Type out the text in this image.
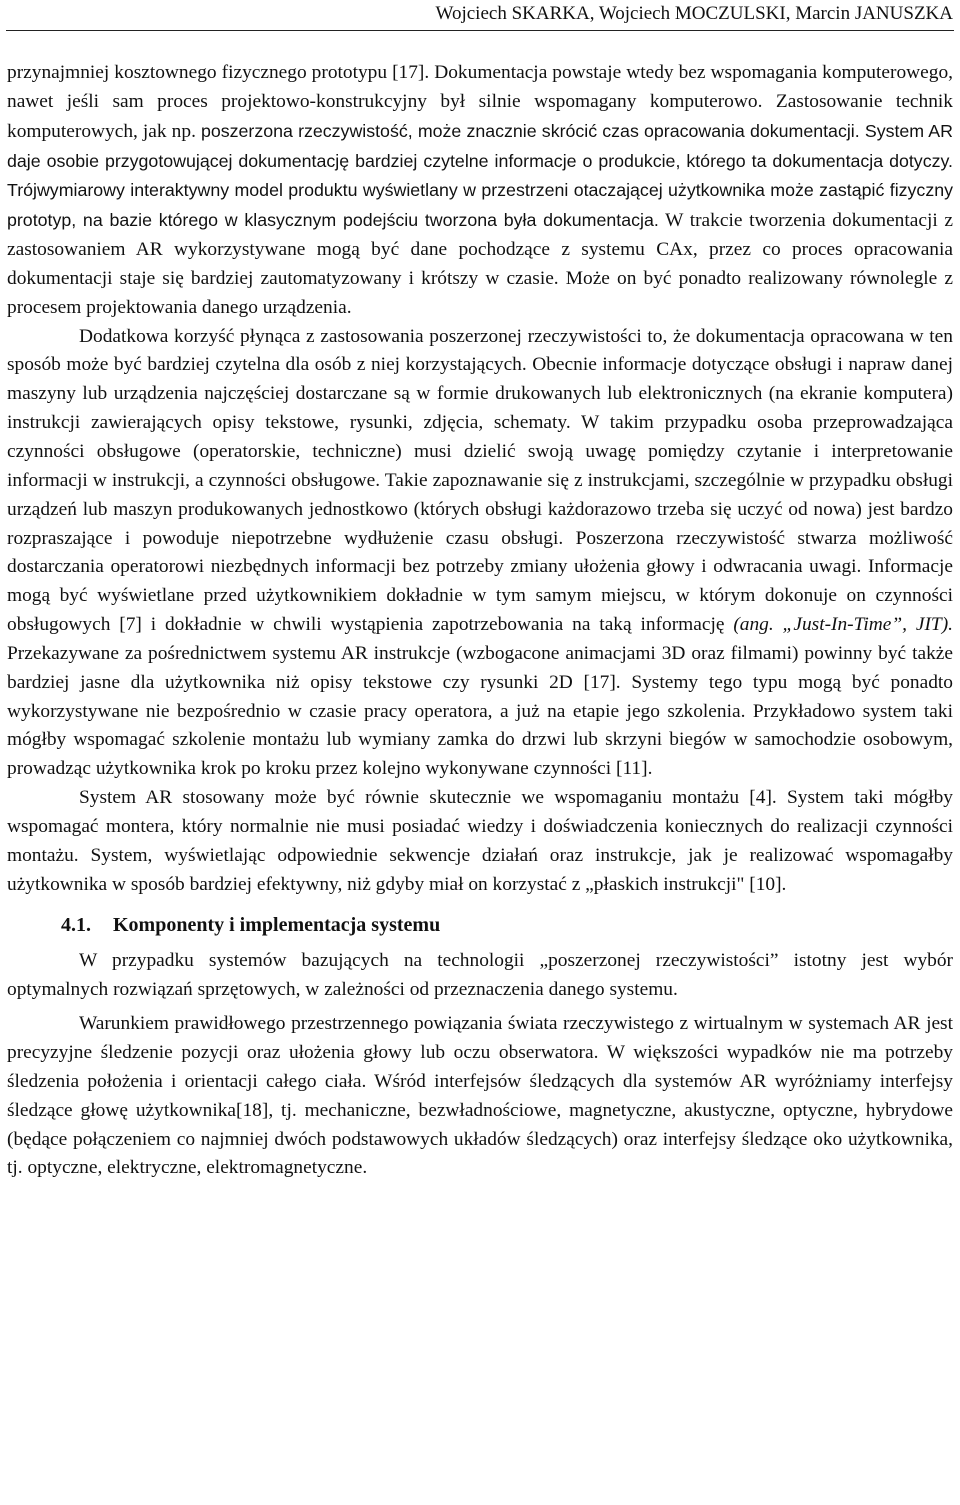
Wojciech SKARKA, Wojciech MOCZULSKI, Marcin JANUSZKA

przynajmniej kosztownego fizycznego prototypu [17]. Dokumentacja powstaje wtedy bez wspomagania komputerowego, nawet jeśli sam proces projektowo-konstrukcyjny był silnie wspomagany komputerowo. Zastosowanie technik komputerowych, jak np. poszerzona rzeczywistość, może znacznie skrócić czas opracowania dokumentacji. System AR daje osobie przygotowującej dokumentację bardziej czytelne informacje o produkcie, którego ta dokumentacja dotyczy. Trójwymiarowy interaktywny model produktu wyświetlany w przestrzeni otaczającej użytkownika może zastąpić fizyczny prototyp, na bazie którego w klasycznym podejściu tworzona była dokumentacja. W trakcie tworzenia dokumentacji z zastosowaniem AR wykorzystywane mogą być dane pochodzące z systemu CAx, przez co proces opracowania dokumentacji staje się bardziej zautomatyzowany i krótszy w czasie. Może on być ponadto realizowany równolegle z procesem projektowania danego urządzenia.

Dodatkowa korzyść płynąca z zastosowania poszerzonej rzeczywistości to, że dokumentacja opracowana w ten sposób może być bardziej czytelna dla osób z niej korzystających. Obecnie informacje dotyczące obsługi i napraw danej maszyny lub urządzenia najczęściej dostarczane są w formie drukowanych lub elektronicznych (na ekranie komputera) instrukcji zawierających opisy tekstowe, rysunki, zdjęcia, schematy. W takim przypadku osoba przeprowadzająca czynności obsługowe (operatorskie, techniczne) musi dzielić swoją uwagę pomiędzy czytanie i interpretowanie informacji w instrukcji, a czynności obsługowe. Takie zapoznawanie się z instrukcjami, szczególnie w przypadku obsługi urządzeń lub maszyn produkowanych jednostkowo (których obsługi każdorazowo trzeba się uczyć od nowa) jest bardzo rozpraszające i powoduje niepotrzebne wydłużenie czasu obsługi. Poszerzona rzeczywistość stwarza możliwość dostarczania operatorowi niezbędnych informacji bez potrzeby zmiany ułożenia głowy i odwracania uwagi. Informacje mogą być wyświetlane przed użytkownikiem dokładnie w tym samym miejscu, w którym dokonuje on czynności obsługowych [7] i dokładnie w chwili wystąpienia zapotrzebowania na taką informację (ang. „Just-In-Time”, JIT). Przekazywane za pośrednictwem systemu AR instrukcje (wzbogacone animacjami 3D oraz filmami) powinny być także bardziej jasne dla użytkownika niż opisy tekstowe czy rysunki 2D [17]. Systemy tego typu mogą być ponadto wykorzystywane nie bezpośrednio w czasie pracy operatora, a już na etapie jego szkolenia. Przykładowo system taki mógłby wspomagać szkolenie montażu lub wymiany zamka do drzwi lub skrzyni biegów w samochodzie osobowym, prowadząc użytkownika krok po kroku przez kolejno wykonywane czynności [11].

System AR stosowany może być równie skutecznie we wspomaganiu montażu [4]. System taki mógłby wspomagać montera, który normalnie nie musi posiadać wiedzy i doświadczenia koniecznych do realizacji czynności montażu. System, wyświetlając odpowiednie sekwencje działań oraz instrukcje, jak je realizować wspomagałby użytkownika w sposób bardziej efektywny, niż gdyby miał on korzystać z „płaskich instrukcji" [10].

4.1. Komponenty i implementacja systemu

W przypadku systemów bazujących na technologii „poszerzonej rzeczywistości” istotny jest wybór optymalnych rozwiązań sprzętowych, w zależności od przeznaczenia danego systemu.

Warunkiem prawidłowego przestrzennego powiązania świata rzeczywistego z wirtualnym w systemach AR jest precyzyjne śledzenie pozycji oraz ułożenia głowy lub oczu obserwatora. W większości wypadków nie ma potrzeby śledzenia położenia i orientacji całego ciała. Wśród interfejsów śledzących dla systemów AR wyróżniamy interfejsy śledzące głowę użytkownika[18], tj. mechaniczne, bezwładnościowe, magnetyczne, akustyczne, optyczne, hybrydowe (będące połączeniem co najmniej dwóch podstawowych układów śledzących) oraz interfejsy śledzące oko użytkownika, tj. optyczne, elektryczne, elektromagnetyczne.
